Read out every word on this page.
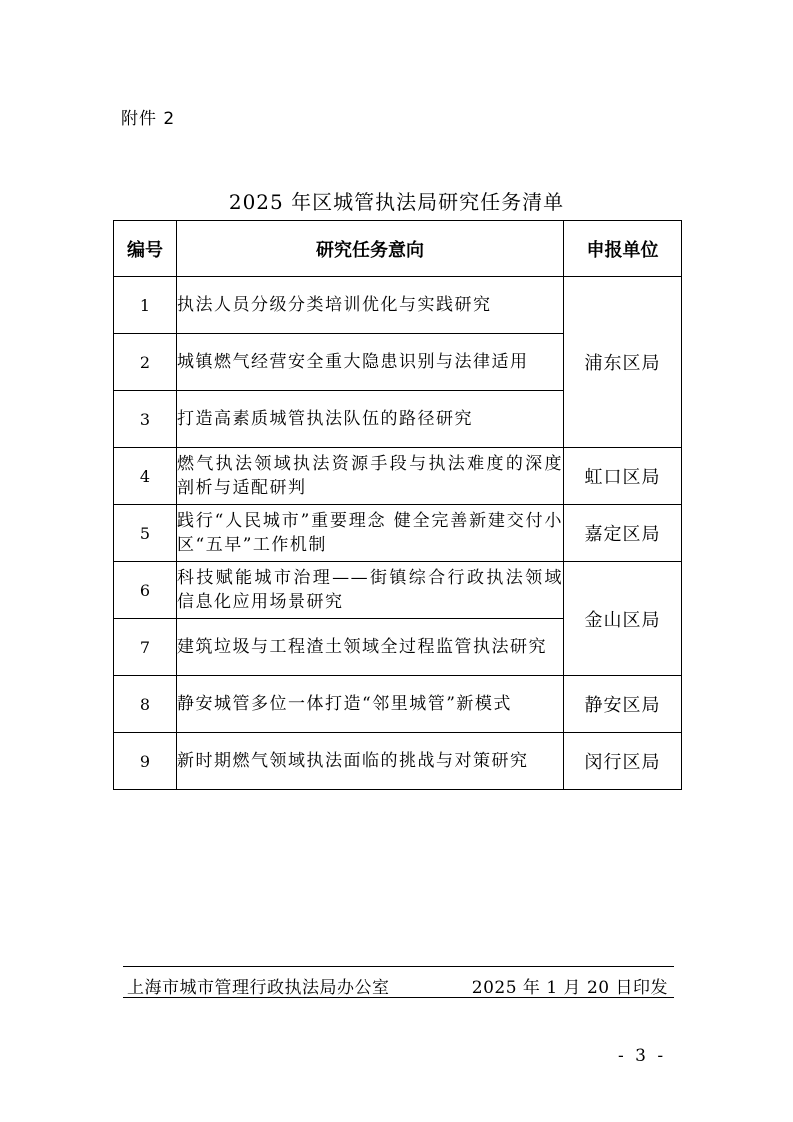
附件 2
2025 年区城管执法局研究任务清单
编号	研究任务意向	申报单位
1	执法人员分级分类培训优化与实践研究	浦东区局
2	城镇燃气经营安全重大隐患识别与法律适用	
3	打造高素质城管执法队伍的路径研究	
4	燃气执法领域执法资源手段与执法难度的深度剖析与适配研判	虹口区局
5	践行“人民城市”重要理念 健全完善新建交付小区“五早”工作机制	嘉定区局
6	科技赋能城市治理——街镇综合行政执法领域信息化应用场景研究	金山区局
7	建筑垃圾与工程渣土领域全过程监管执法研究	
8	静安城管多位一体打造“邻里城管”新模式	静安区局
9	新时期燃气领域执法面临的挑战与对策研究	闵行区局
上海市城市管理行政执法局办公室	2025 年 1 月 20 日印发
- 3 -
